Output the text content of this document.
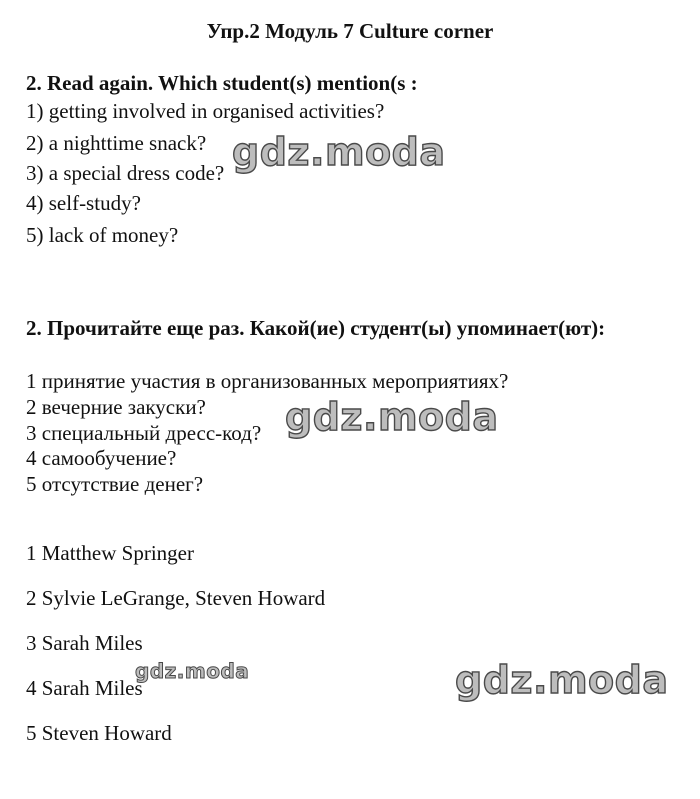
Упр.2 Модуль 7 Culture corner
2. Read again. Which student(s) mention(s :
1) getting involved in organised activities?
2) a nighttime snack?
3) a special dress code?
4) self-study?
5) lack of money?
2. Прочитайте еще раз. Какой(ие) студент(ы) упоминает(ют):
1 принятие участия в организованных мероприятиях?
2 вечерние закуски?
3 специальный дресс-код?
4 самообучение?
5 отсутствие денег?
1 Matthew Springer
2 Sylvie LeGrange, Steven Howard
3 Sarah Miles
4 Sarah Miles
5 Steven Howard
gdz.moda
gdz.moda
gdz.moda	gdz.moda
